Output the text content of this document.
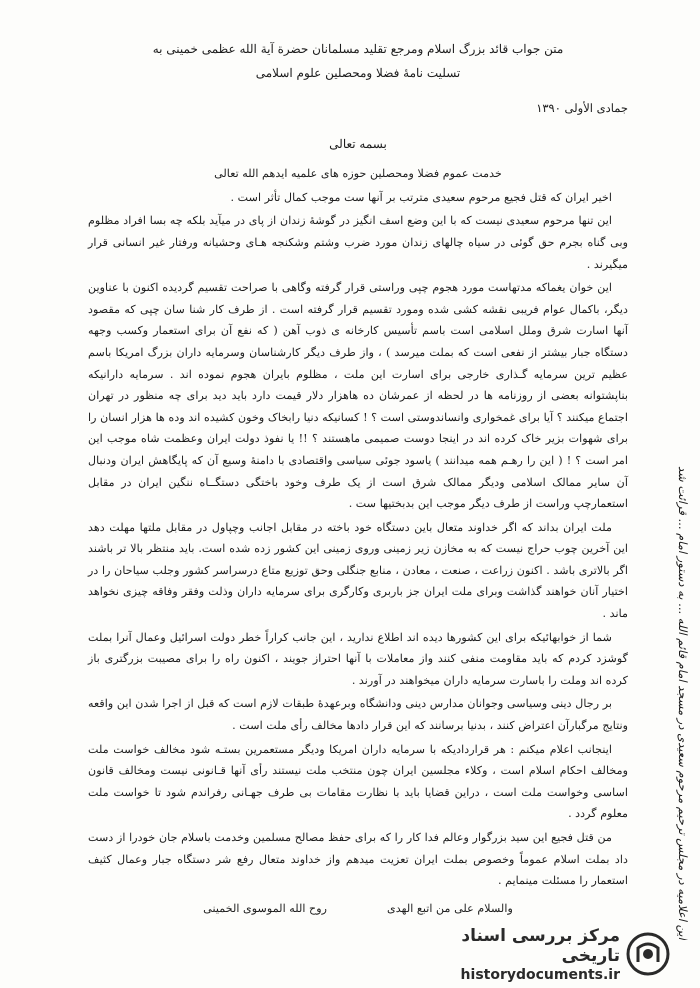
متن جواب قائد بزرگ اسلام ومرجع تقلید مسلمانان حضرة آیة الله عظمی خمینی به

تسلیت نامهٔ فضلا ومحصلین علوم اسلامی

جمادی الأولی ۱۳۹۰

بسمه تعالی

خدمت عموم فضلا ومحصلین حوزه های علمیه ایدهم الله تعالی

اخیر ایران که قتل فجیع مرحوم سعیدی مترتب بر آنها ست موجب کمال تأثر است .

این تنها مرحوم سعیدی نیست که با این وضع اسف انگیز در گوشهٔ زندان از پای در میآید بلکه چه بسا افراد مظلوم وبی گناه بجرم حق گوئی در سیاه چالهای زندان مورد ضرب وشتم وشکنجه هـای وحشیانه ورفتار غیر انسانی قرار میگیرند .

این خوان یغماکه مدتهاست مورد هجوم چپی وراستی قرار گرفته وگاهی با صراحت تقسیم گردیده اکنون با عناوین دیگر، باکمال عوام فریبی نقشه کشی شده ومورد تقسیم قرار گرفته است . از طرف کار شنا سان چپی که مقصود آنها اسارت شرق وملل اسلامی است باسم تأسیس کارخانه ی ذوب آهن ( که نفع آن برای استعمار وکسب وجهه دستگاه جبار بیشتر از نفعی است که بملت میرسد ) ، واز طرف دیگر کارشناسان وسرمایه داران بزرگ امریکا باسم عظیم ترین سرمایه گـذاری خارجی برای اسارت این ملت ، مظلوم بایران هجوم نموده اند . سرمایه دارانیکه بناپشتوانه بعضی از روزنامه ها در لحظه از عمرشان ده هاهزار دلار قیمت دارد باید دید برای چه منظور در تهران اجتماع میکنند ؟ آیا برای غمخواری وانساندوستی است ؟ ! کسانیکه دنیا رابخاک وخون کشیده اند وده ها هزار انسان را برای شهوات بزیر خاک کرده اند در اینجا دوست صمیمی ماهستند ؟ !! یا نفوذ دولت ایران وعظمت شاه موجب این امر است ؟ ! ( این را رهـم همه میدانند ) یاسود جوئی سیاسی واقتصادی با دامنهٔ وسیع آن که پایگاهش ایران ودنبال آن سایر ممالک اسلامی ودیگر ممالک شرق است از یک طرف وخود باختگی دستگــاه ننگین ایران در مقابل استعمارچپ وراست از طرف دیگر موجب این بدبختیها ست .

ملت ایران بداند که اگر خداوند متعال باین دستگاه خود باخته در مقابل اجانب وچپاول در مقابل ملتها مهلت دهد این آخرین چوب حراج نیست که به مخازن زیر زمینی وروی زمینی این کشور زده شده است. باید منتظر بالا تر باشند اگر بالاتری باشد . اکنون زراعت ، صنعت ، معادن ، منابع جنگلی وحق توزیع متاع درسراسر کشور وجلب سیاحان را در اختیار آنان خواهند گذاشت وبرای ملت ایران جز باربری وکارگری برای سرمایه داران وذلت وفقر وفاقه چیزی نخواهد ماند .

شما از خوابهائیکه برای این کشورها دیده اند اطلاع ندارید ، این جانب کراراً خطر دولت اسرائیل وعمال آنرا بملت گوشزد کردم که باید مقاومت منفی کنند واز معاملات با آنها احتراز جویند ، اکنون راه را برای مصیبت بزرگتری باز کرده اند وملت را باسارت سرمایه داران میخواهند در آورند .

بر رجال دینی وسیاسی وجوانان مدارس دینی ودانشگاه وبرعهدهٔ طبقات لازم است که قبل از اجرا شدن این واقعه ونتایج مرگبارآن اعتراض کنند ، بدنیا برسانند که این قرار دادها مخالف رأی ملت است .

اینجانب اعلام میکنم : هر قراردادیکه با سرمایه داران امریکا ودیگر مستعمرین بستـه شود مخالف خواست ملت ومخالف احکام اسلام است ، وکلاء مجلسین ایران چون منتخب ملت نیستند رأی آنها قـانونی نیست ومخالف قانون اساسی وخواست ملت است ، دراین قضایا باید با نظارت مقامات بی طرف جهـانی رفراندم شود تا خواست ملت معلوم گردد .

من قتل فجیع این سید بزرگوار وعالم فدا کار را که برای حفظ مصالح مسلمین وخدمت باسلام جان خودرا از دست داد بملت اسلام عموماً وخصوص بملت ایران تعزیت میدهم واز خداوند متعال رفع شر دستگاه جبار وعمال کثیف استعمار را مسئلت مینمایم .

والسلام علی من اتبع الهدی
روح الله الموسوی الخمینی	این اعلامیه در مجلس ترحیم مرحوم سعیدی در مسجد امام قائم الله ... به دستور امام ... قرائت شد
مرکز بررسی اسناد تاریخی
historydocuments.ir
